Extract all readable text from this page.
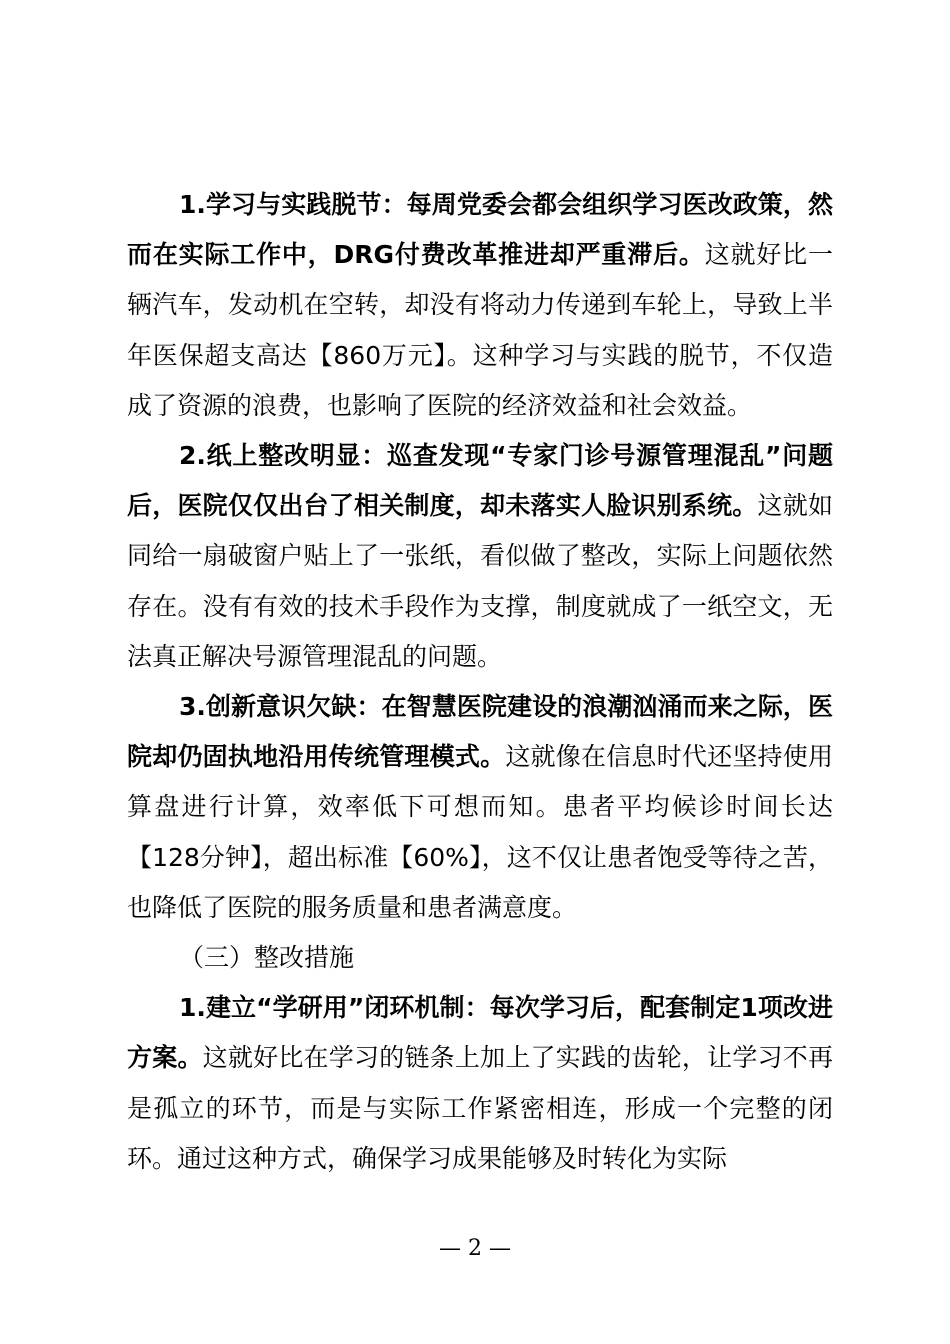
1.学习与实践脱节：每周党委会都会组织学习医改政策，然而在实际工作中，DRG付费改革推进却严重滞后。这就好比一辆汽车，发动机在空转，却没有将动力传递到车轮上，导致上半年医保超支高达【860万元】。这种学习与实践的脱节，不仅造成了资源的浪费，也影响了医院的经济效益和社会效益。

2.纸上整改明显：巡查发现“专家门诊号源管理混乱”问题后，医院仅仅出台了相关制度，却未落实人脸识别系统。这就如同给一扇破窗户贴上了一张纸，看似做了整改，实际上问题依然存在。没有有效的技术手段作为支撑，制度就成了一纸空文，无法真正解决号源管理混乱的问题。

3.创新意识欠缺：在智慧医院建设的浪潮汹涌而来之际，医院却仍固执地沿用传统管理模式。这就像在信息时代还坚持使用算盘进行计算，效率低下可想而知。患者平均候诊时间长达【128分钟】，超出标准【60%】，这不仅让患者饱受等待之苦，也降低了医院的服务质量和患者满意度。

（三）整改措施

1.建立“学研用”闭环机制：每次学习后，配套制定1项改进方案。这就好比在学习的链条上加上了实践的齿轮，让学习不再是孤立的环节，而是与实际工作紧密相连，形成一个完整的闭环。通过这种方式，确保学习成果能够及时转化为实际

— 2 —
